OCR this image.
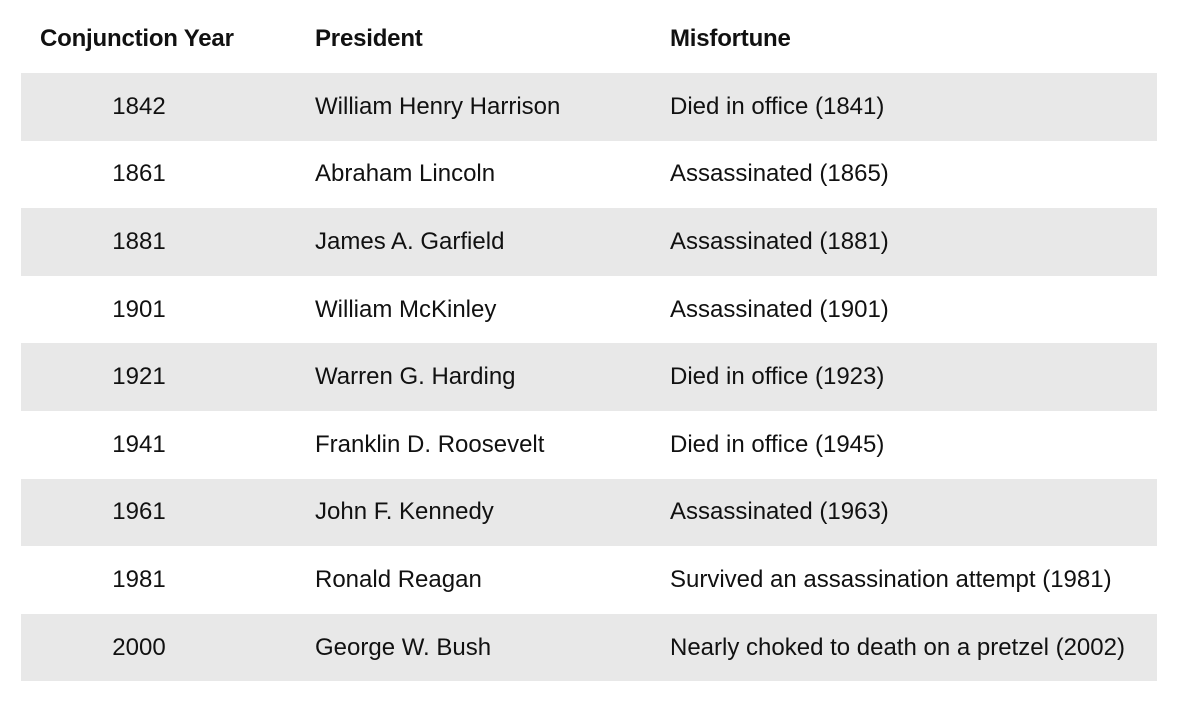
Conjunction Year	President	Misfortune
1842	William Henry Harrison	Died in office (1841)
1861	Abraham Lincoln	Assassinated (1865)
1881	James A. Garfield	Assassinated (1881)
1901	William McKinley	Assassinated (1901)
1921	Warren G. Harding	Died in office (1923)
1941	Franklin D. Roosevelt	Died in office (1945)
1961	John F. Kennedy	Assassinated (1963)
1981	Ronald Reagan	Survived an assassination attempt (1981)
2000	George W. Bush	Nearly choked to death on a pretzel (2002)
